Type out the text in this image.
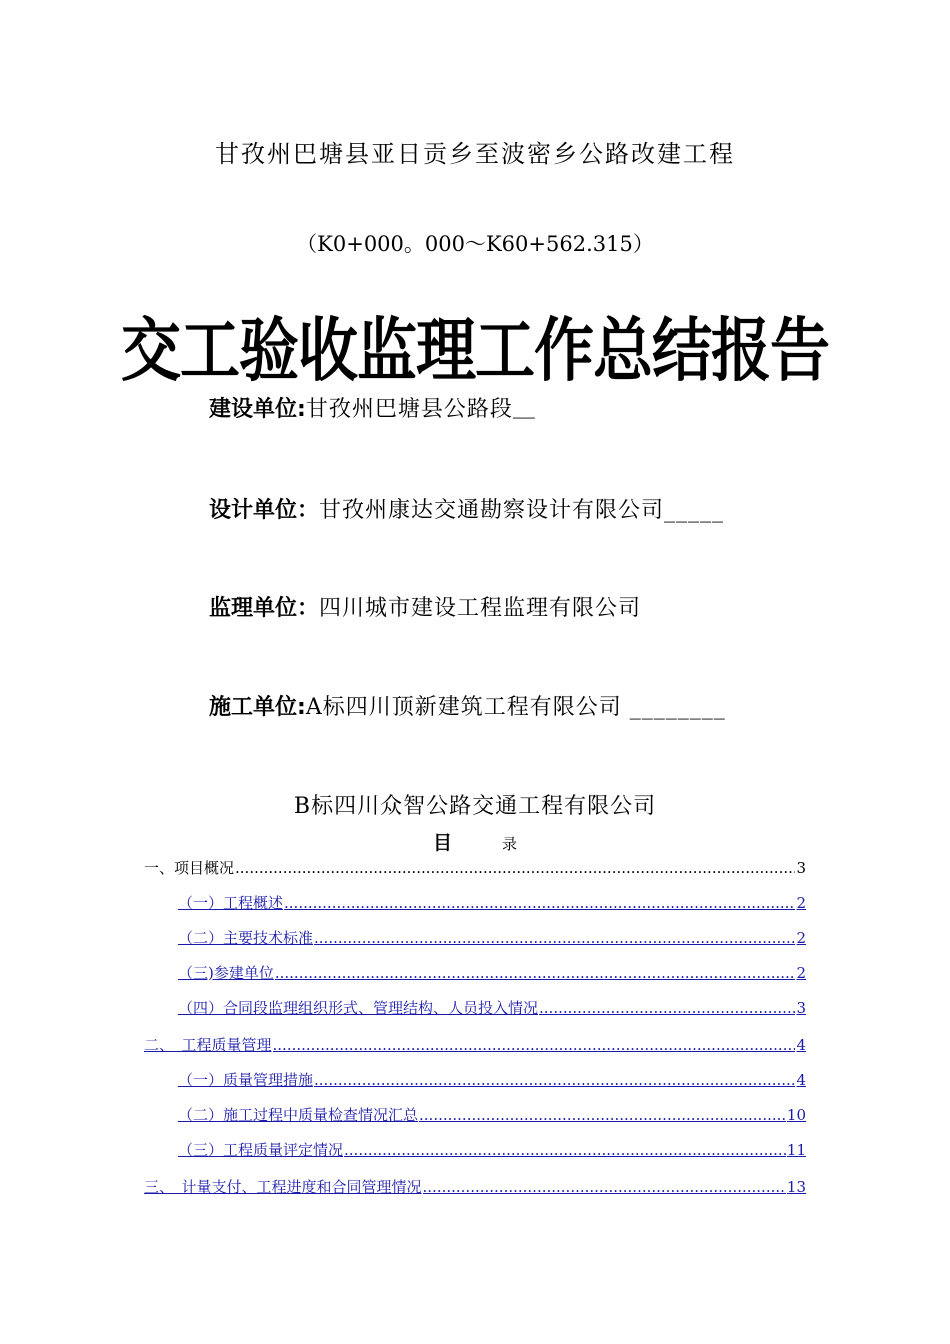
甘孜州巴塘县亚日贡乡至波密乡公路改建工程
（K0+000。000～K60+562.315）
交工验收监理工作总结报告
建设单位:甘孜州巴塘县公路段＿
设计单位：甘孜州康达交通勘察设计有限公司_____
监理单位：四川城市建设工程监理有限公司
施工单位:A标四川顶新建筑工程有限公司 ________
B标四川众智公路交通工程有限公司
目	录
一、项目概况 .....	3
（一）工程概述 .....	2
（二）主要技术标准 .....	2
（三)参建单位 .....	2
（四）合同段监理组织形式、管理结构、人员投入情况 .....	3
二、　工程质量管理 .....	4
（一）质量管理措施 .....	4
（二）施工过程中质量检查情况汇总 .....	10
（三）工程质量评定情况 .....	11
三、　计量支付、工程进度和合同管理情况 .....	13
